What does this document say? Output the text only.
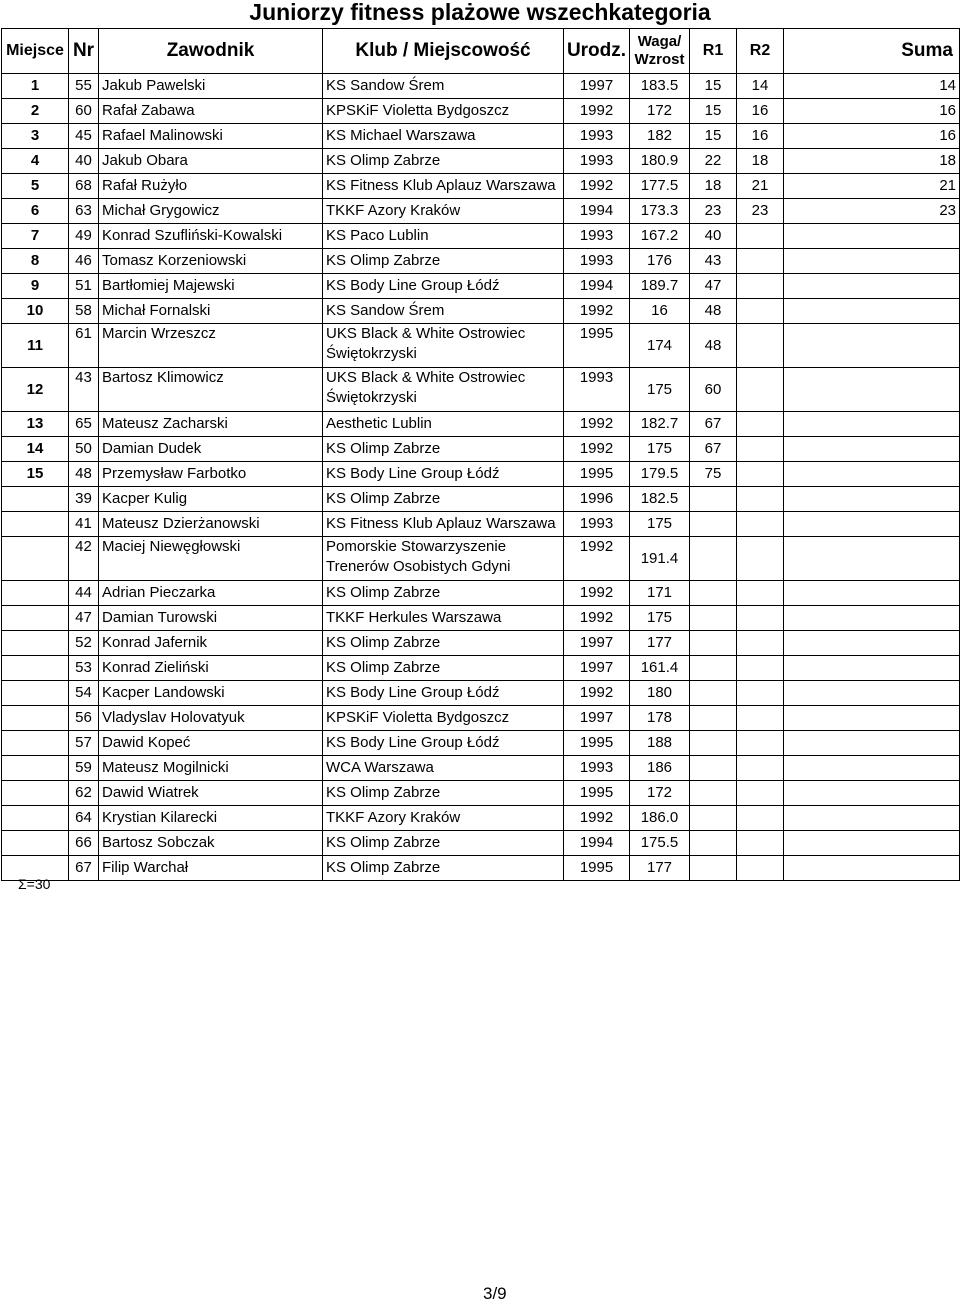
Juniorzy fitness plażowe wszechkategoria
Miejsce	Nr	Zawodnik	Klub / Miejscowość	Urodz.	Waga/ Wzrost	R1	R2	Suma
1	55	Jakub Pawelski	KS Sandow Śrem	1997	183.5	15	14	14
2	60	Rafał Zabawa	KPSKiF Violetta Bydgoszcz	1992	172	15	16	16
3	45	Rafael Malinowski	KS Michael Warszawa	1993	182	15	16	16
4	40	Jakub Obara	KS Olimp Zabrze	1993	180.9	22	18	18
5	68	Rafał Rużyło	KS Fitness Klub Aplauz Warszawa	1992	177.5	18	21	21
6	63	Michał Grygowicz	TKKF Azory Kraków	1994	173.3	23	23	23
7	49	Konrad Szufliński-Kowalski	KS Paco Lublin	1993	167.2	40		
8	46	Tomasz Korzeniowski	KS Olimp Zabrze	1993	176	43		
9	51	Bartłomiej Majewski	KS Body Line Group Łódź	1994	189.7	47		
10	58	Michał Fornalski	KS Sandow Śrem	1992	16	48		
11	61	Marcin Wrzeszcz	UKS Black & White Ostrowiec Świętokrzyski	1995	174	48		
12	43	Bartosz Klimowicz	UKS Black & White Ostrowiec Świętokrzyski	1993	175	60		
13	65	Mateusz Zacharski	Aesthetic Lublin	1992	182.7	67		
14	50	Damian Dudek	KS Olimp Zabrze	1992	175	67		
15	48	Przemysław Farbotko	KS Body Line Group Łódź	1995	179.5	75		
	39	Kacper Kulig	KS Olimp Zabrze	1996	182.5			
	41	Mateusz Dzierżanowski	KS Fitness Klub Aplauz Warszawa	1993	175			
	42	Maciej Niewęgłowski	Pomorskie Stowarzyszenie Trenerów Osobistych Gdyni	1992	191.4			
	44	Adrian Pieczarka	KS Olimp Zabrze	1992	171			
	47	Damian Turowski	TKKF Herkules Warszawa	1992	175			
	52	Konrad Jafernik	KS Olimp Zabrze	1997	177			
	53	Konrad Zieliński	KS Olimp Zabrze	1997	161.4			
	54	Kacper Landowski	KS Body Line Group Łódź	1992	180			
	56	Vladyslav Holovatyuk	KPSKiF Violetta Bydgoszcz	1997	178			
	57	Dawid Kopeć	KS Body Line Group Łódź	1995	188			
	59	Mateusz Mogilnicki	WCA Warszawa	1993	186			
	62	Dawid Wiatrek	KS Olimp Zabrze	1995	172			
	64	Krystian Kilarecki	TKKF Azory Kraków	1992	186.0			
	66	Bartosz Sobczak	KS Olimp Zabrze	1994	175.5			
	67	Filip Warchał	KS Olimp Zabrze	1995	177			
Σ=30
3/9
